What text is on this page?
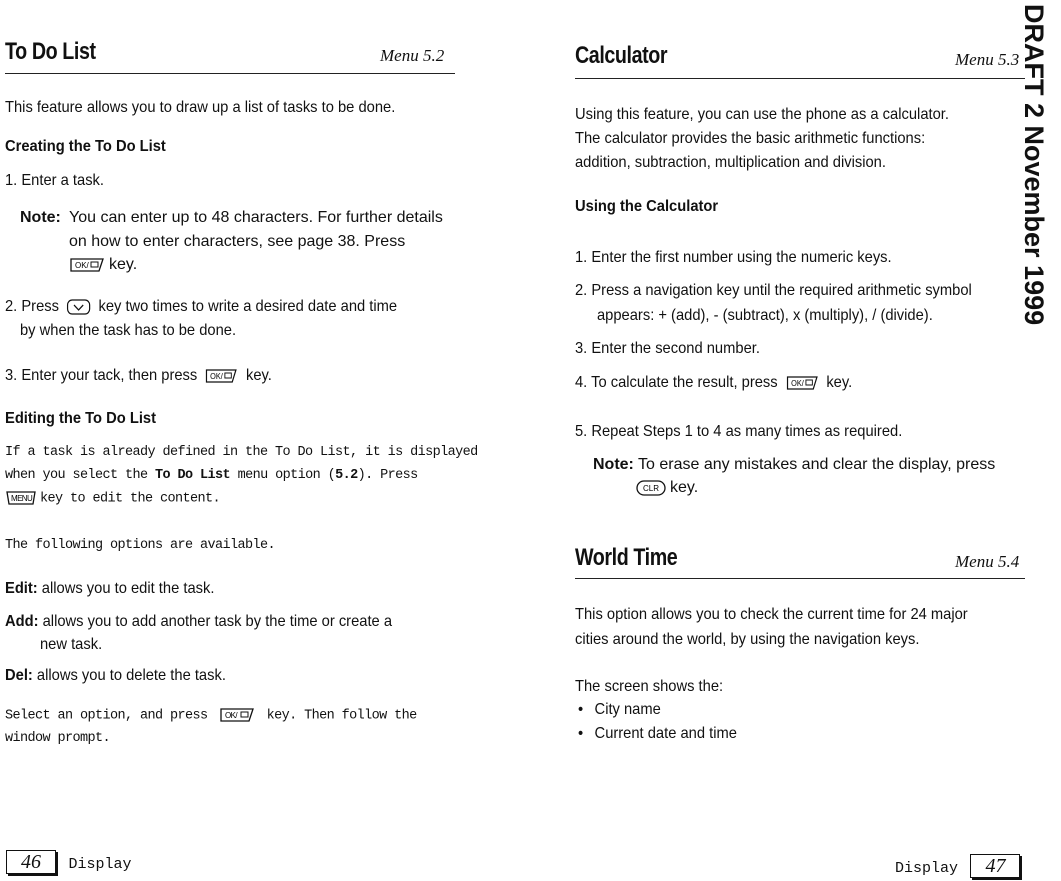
DRAFT 2 November 1999
To Do List	Menu 5.2
This feature allows you to draw up a list of tasks to be done.
Creating the To Do List
1. Enter a task.
Note: You can enter up to 48 characters. For further details
on how to enter characters, see page 38. Press
OK/ key.
2. Press key two times to write a desired date and time
by when the task has to be done.
3. Enter your tack, then press OK/ key.
Editing the To Do List
If a task is already defined in the To Do List, it is displayed
when you select the To Do List menu option (5.2). Press
MENU key to edit the content.
The following options are available.
Edit: allows you to edit the task.
Add: allows you to add another task by the time or create a
new task.
Del: allows you to delete the task.
Select an option, and press OK/ key. Then follow the
window prompt.
46 Display
Calculator	Menu 5.3
Using this feature, you can use the phone as a calculator.
The calculator provides the basic arithmetic functions:
addition, subtraction, multiplication and division.
Using the Calculator
1. Enter the first number using the numeric keys.
2. Press a navigation key until the required arithmetic symbol
appears: + (add), - (subtract), x (multiply), / (divide).
3. Enter the second number.
4. To calculate the result, press OK/ key.
5. Repeat Steps 1 to 4 as many times as required.
Note: To erase any mistakes and clear the display, press
CLR key.
World Time	Menu 5.4
This option allows you to check the current time for 24 major
cities around the world, by using the navigation keys.
The screen shows the:
• City name
• Current date and time
Display 47
